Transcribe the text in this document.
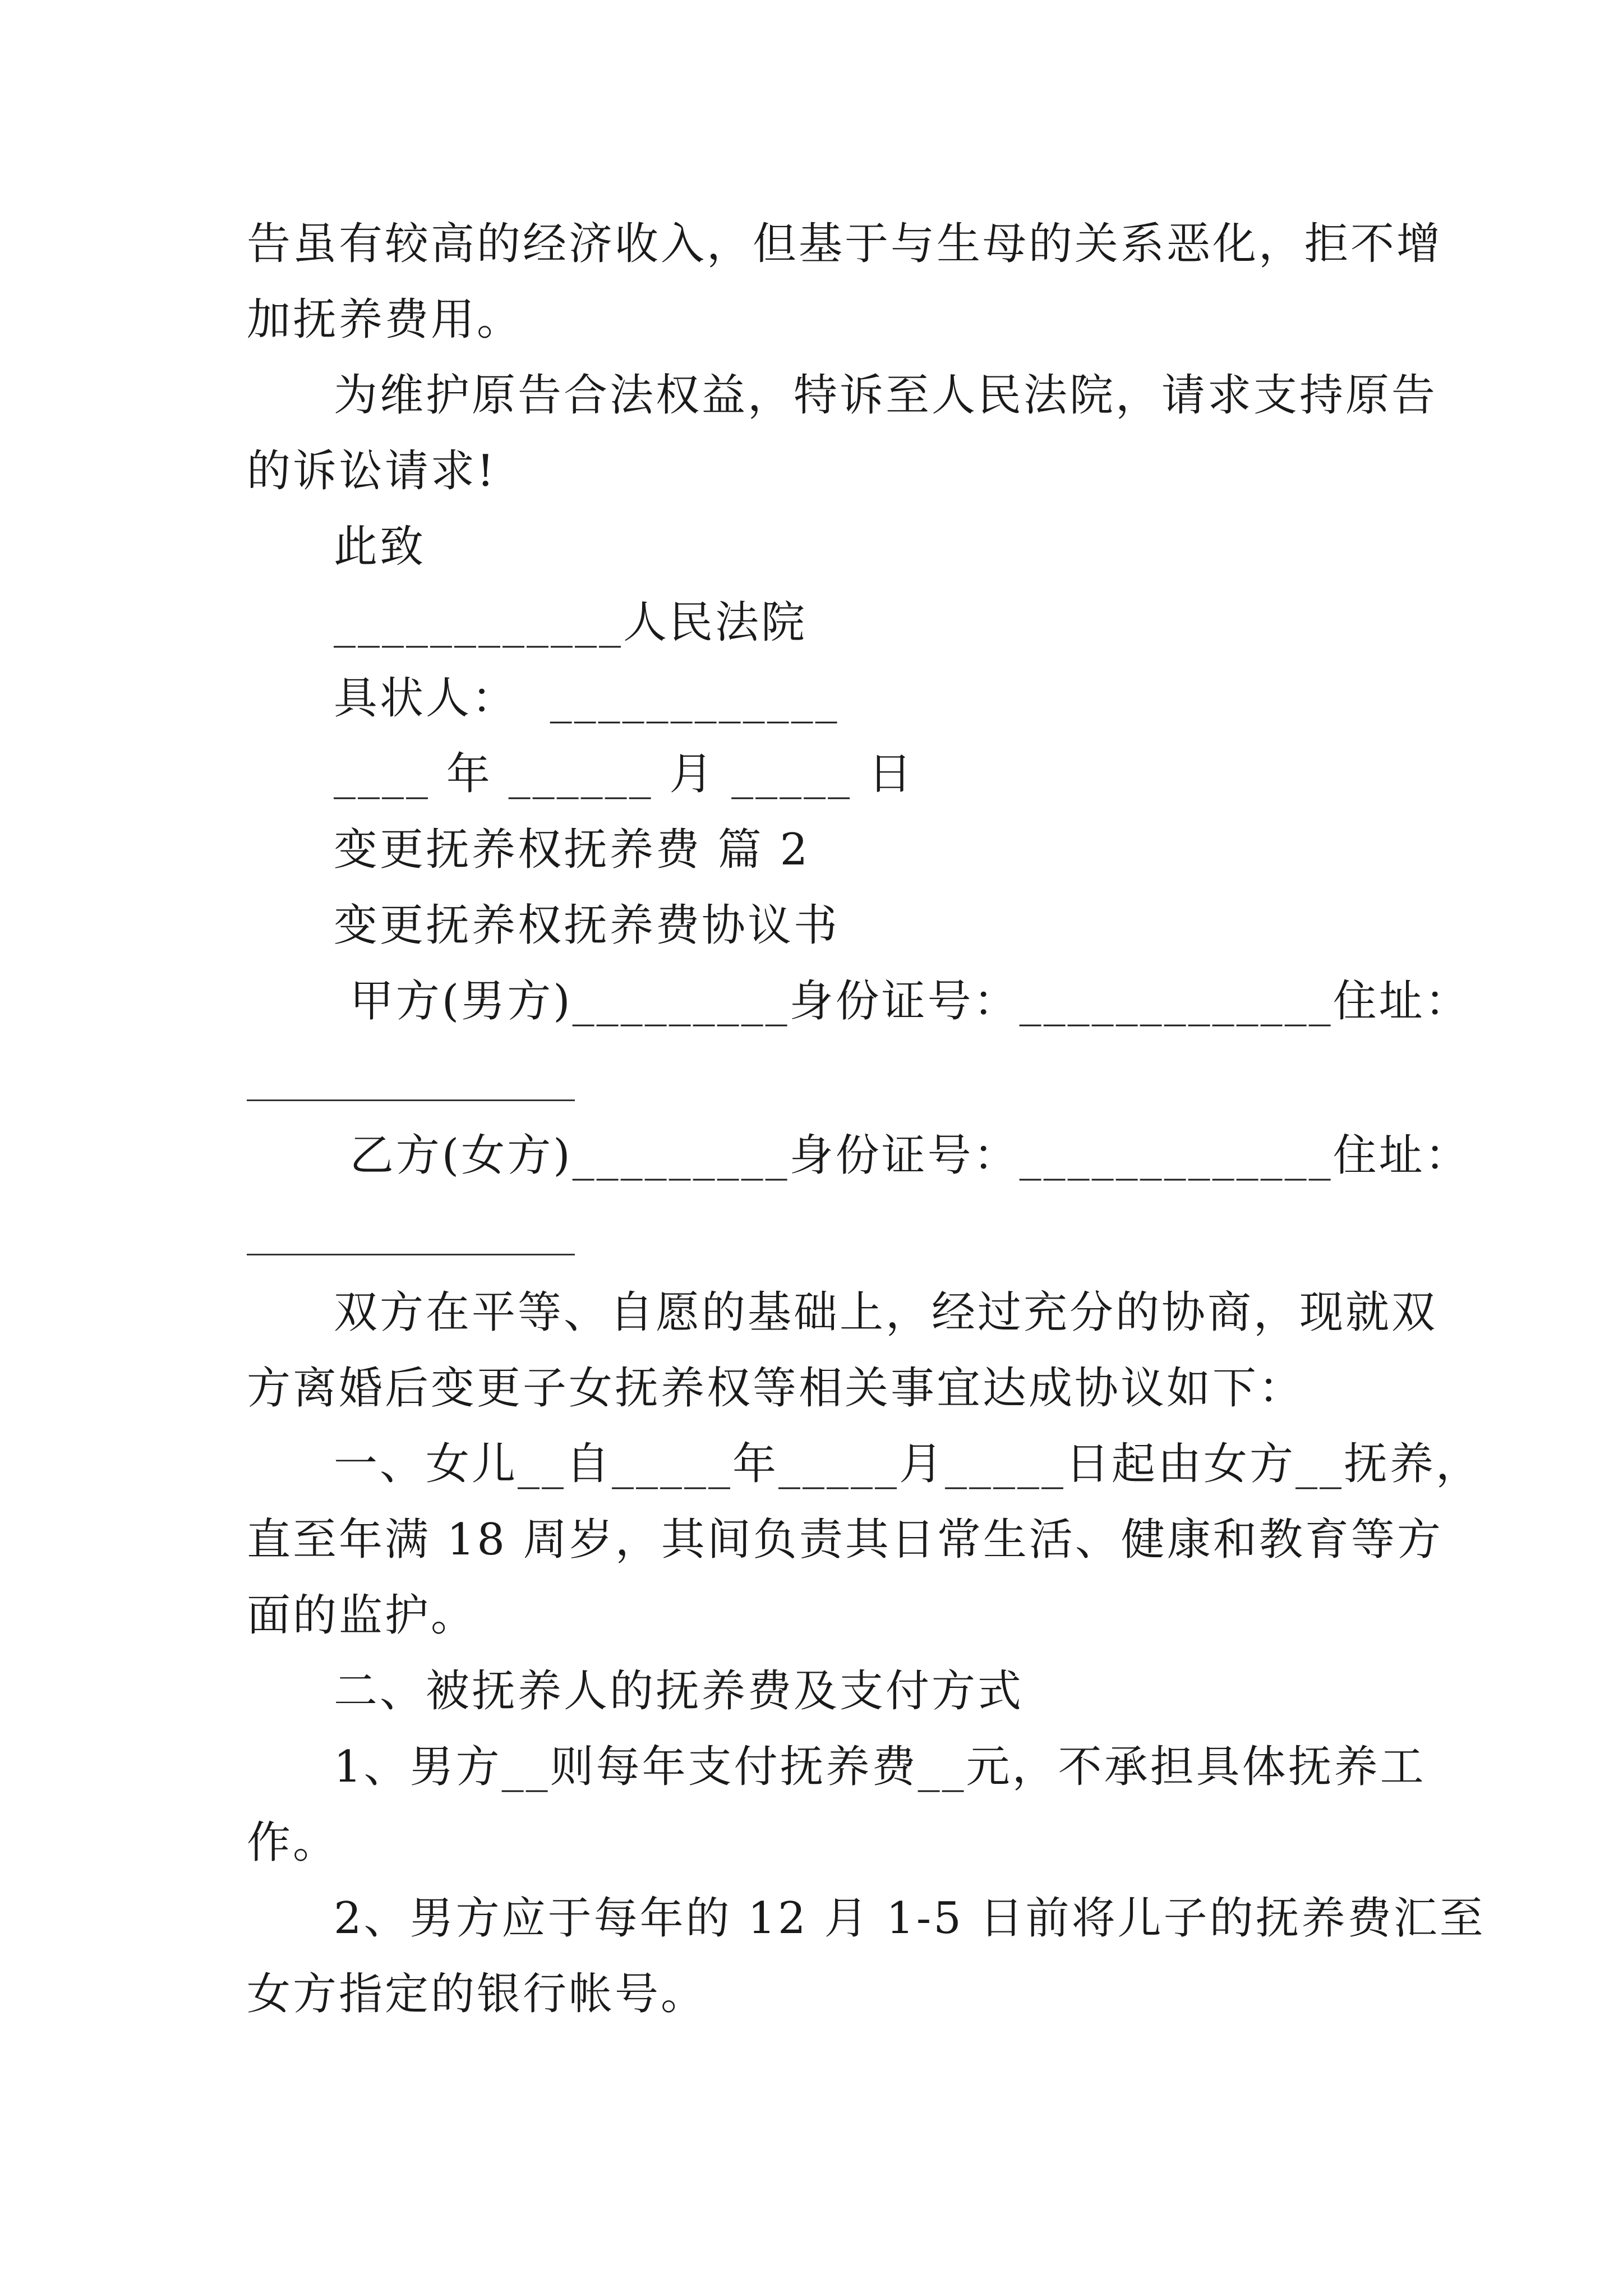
告虽有较高的经济收入，但基于与生母的关系恶化，拒不增
加抚养费用。
为维护原告合法权益，特诉至人民法院，请求支持原告
的诉讼请求!
此致
____________人民法院
具状人：  ____________
____ 年 ______ 月 _____ 日
变更抚养权抚养费 篇 2
变更抚养权抚养费协议书
甲方(男方)_________身份证号：_____________住址：
乙方(女方)_________身份证号：_____________住址：
双方在平等、自愿的基础上，经过充分的协商，现就双
方离婚后变更子女抚养权等相关事宜达成协议如下：
一、女儿__自_____年_____月_____日起由女方__抚养，
直至年满 18 周岁，其间负责其日常生活、健康和教育等方
面的监护。
二、被抚养人的抚养费及支付方式
1、男方__则每年支付抚养费__元，不承担具体抚养工
作。
2、男方应于每年的 12 月 1-5 日前将儿子的抚养费汇至
女方指定的银行帐号。
